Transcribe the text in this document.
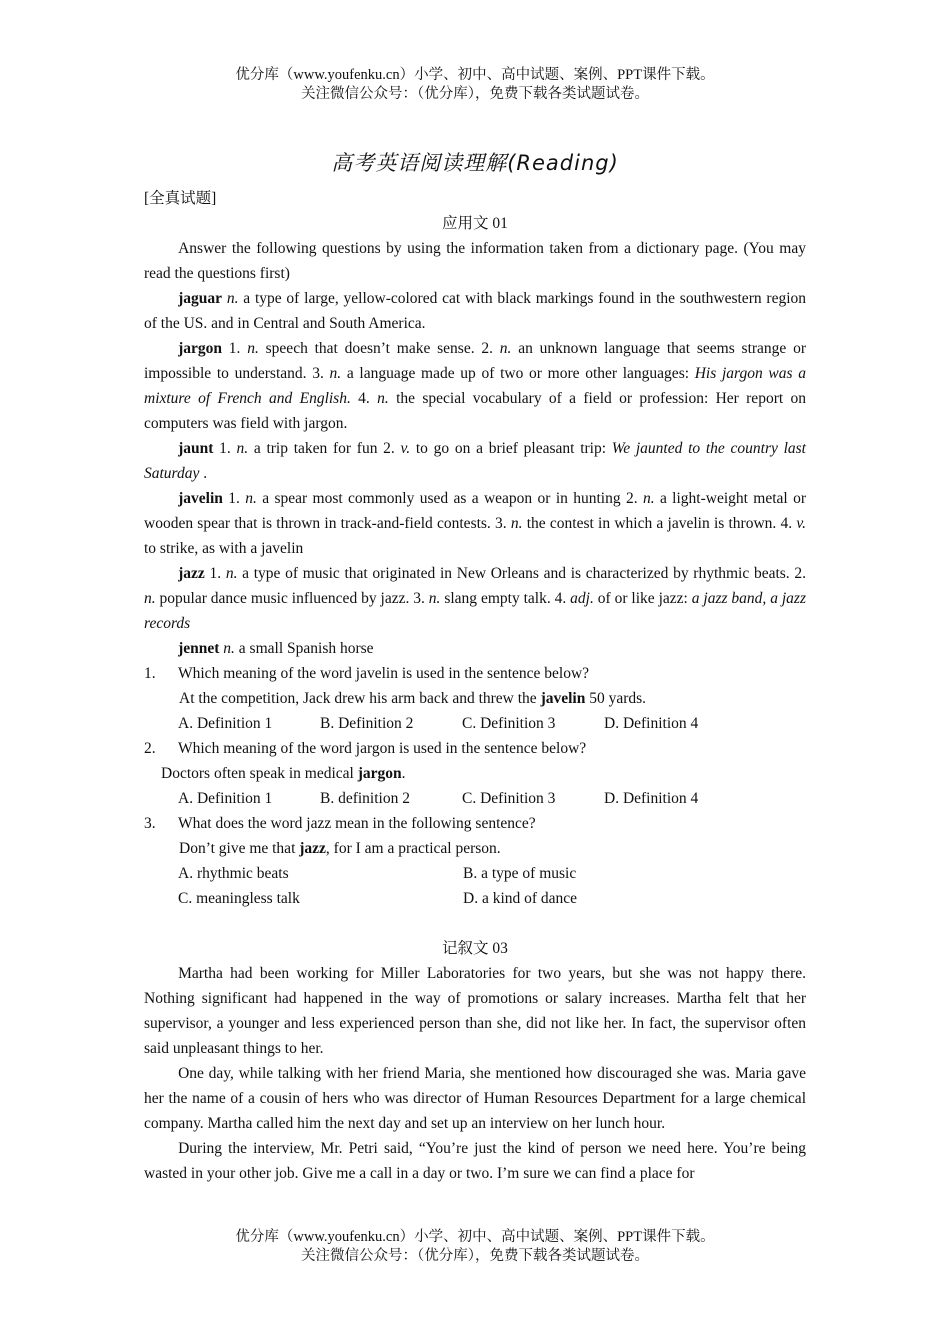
优分库（www.youfenku.cn）小学、初中、高中试题、案例、PPT课件下载。
关注微信公众号：（优分库），免费下载各类试题试卷。
高考英语阅读理解(Reading)

[全真试题]

应用文 01

Answer the following questions by using the information taken from a dictionary page. (You may read the questions first)

jaguar n. a type of large, yellow-colored cat with black markings found in the southwestern region of the US. and in Central and South America.

jargon 1. n. speech that doesn’t make sense. 2. n. an unknown language that seems strange or impossible to understand. 3. n. a language made up of two or more other languages: His jargon was a mixture of French and English. 4. n. the special vocabulary of a field or profession: Her report on computers was field with jargon.

jaunt 1. n. a trip taken for fun 2. v. to go on a brief pleasant trip: We jaunted to the country last Saturday .

javelin 1. n. a spear most commonly used as a weapon or in hunting 2. n. a light-weight metal or wooden spear that is thrown in track-and-field contests. 3. n. the contest in which a javelin is thrown. 4. v. to strike, as with a javelin

jazz 1. n. a type of music that originated in New Orleans and is characterized by rhythmic beats. 2. n. popular dance music influenced by jazz. 3. n. slang empty talk. 4. adj. of or like jazz: a jazz band, a jazz records

jennet n. a small Spanish horse

1.	Which meaning of the word javelin is used in the sentence below?

At the competition, Jack drew his arm back and threw the javelin 50 yards.

A. Definition 1	B. Definition 2	C. Definition 3	D. Definition 4
2.	Which meaning of the word jargon is used in the sentence below?

Doctors often speak in medical jargon.

A. Definition 1	B. definition 2	C. Definition 3	D. Definition 4
3.	What does the word jazz mean in the following sentence?

Don’t give me that jazz, for I am a practical person.

A. rhythmic beats	B. a type of music
C. meaningless talk	D. a kind of dance

记叙文 03

Martha had been working for Miller Laboratories for two years, but she was not happy there. Nothing significant had happened in the way of promotions or salary increases. Martha felt that her supervisor, a younger and less experienced person than she, did not like her. In fact, the supervisor often said unpleasant things to her.

One day, while talking with her friend Maria, she mentioned how discouraged she was. Maria gave her the name of a cousin of hers who was director of Human Resources Department for a large chemical company. Martha called him the next day and set up an interview on her lunch hour.

During the interview, Mr. Petri said, “You’re just the kind of person we need here. You’re being wasted in your other job. Give me a call in a day or two. I’m sure we can find a place for

优分库（www.youfenku.cn）小学、初中、高中试题、案例、PPT课件下载。
关注微信公众号：（优分库），免费下载各类试题试卷。
